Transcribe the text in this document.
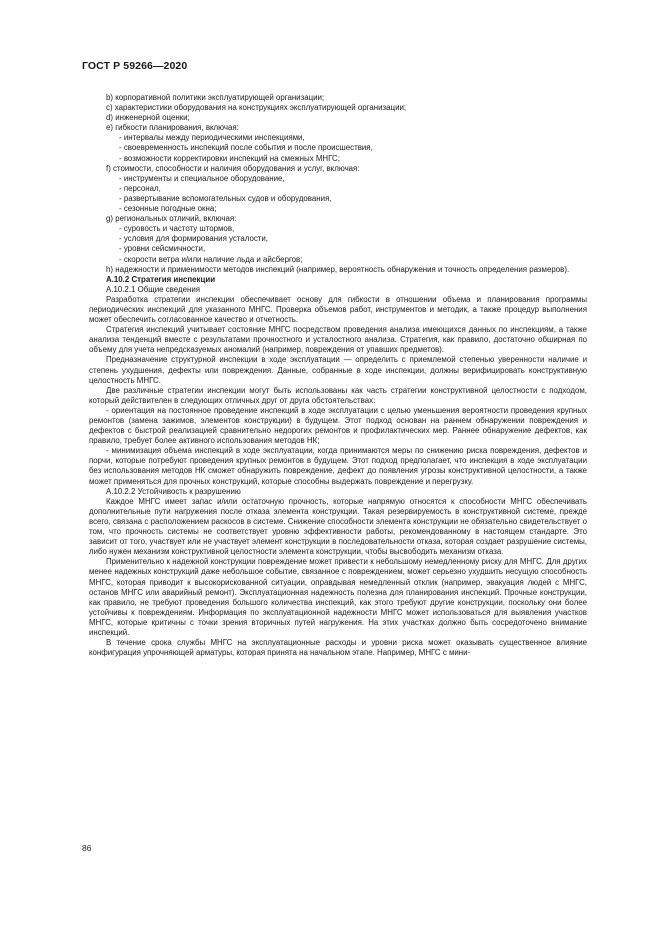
ГОСТ Р 59266—2020

b) корпоративной политики эксплуатирующей организации;

c) характеристики оборудования на конструкциях эксплуатирующей организации;

d) инженерной оценки;

e) гибкости планирования, включая:

- интервалы между периодическими инспекциями,

- своевременность инспекций после события и после происшествия,

- возможности корректировки инспекций на смежных МНГС;

f) стоимости, способности и наличия оборудования и услуг, включая:

- инструменты и специальное оборудование,

- персонал,

- развертывание вспомогательных судов и оборудования,

- сезонные погодные окна;

g) региональных отличий, включая:

- суровость и частоту штормов,

- условия для формирования усталости,

- уровни сейсмичности,

- скорости ветра и/или наличие льда и айсбергов;

h) надежности и применимости методов инспекций (например, вероятность обнаружения и точность определения размеров).

А.10.2 Стратегия инспекции

А.10.2.1 Общие сведения

Разработка стратегии инспекции обеспечивает основу для гибкости в отношении объема и планирования программы периодических инспекций для указанного МНГС. Проверка объемов работ, инструментов и методик, а также процедур выполнения может обеспечить согласованное качество и отчетность.

Стратегия инспекций учитывает состояние МНГС посредством проведения анализа имеющихся данных по инспекциям, а также анализа тенденций вместе с результатами прочностного и усталостного анализа. Стратегия, как правило, достаточно обширная по объему для учета непредсказуемых аномалий (например, повреждения от упавших предметов).

Предназначение структурной инспекции в ходе эксплуатации — определить с приемлемой степенью уверенности наличие и степень ухудшения, дефекты или повреждения. Данные, собранные в ходе инспекции, должны верифицировать конструктивную целостность МНГС.

Две различные стратегии инспекции могут быть использованы как часть стратегии конструктивной целостности с подходом, который действителен в следующих отличных друг от друга обстоятельствах:

- ориентация на постоянное проведение инспекций в ходе эксплуатации с целью уменьшения вероятности проведения крупных ремонтов (замена зажимов, элементов конструкции) в будущем. Этот подход основан на раннем обнаружении повреждения и дефектов с быстрой реализацией сравнительно недорогих ремонтов и профилактических мер. Раннее обнаружение дефектов, как правило, требует более активного использования методов НК;

- минимизация объема инспекций в ходе эксплуатации, когда принимаются меры по снижению риска повреждения, дефектов и порчи, которые потребуют проведения крупных ремонтов в будущем. Этот подход предполагает, что инспекция в ходе эксплуатации без использования методов НК сможет обнаружить повреждение, дефект до появления угрозы конструктивной целостности, а также может применяться для прочных конструкций, которые способны выдержать повреждение и перегрузку.

А.10.2.2 Устойчивость к разрушению

Каждое МНГС имеет запас и/или остаточную прочность, которые напрямую относятся к способности МНГС обеспечивать дополнительные пути нагружения после отказа элемента конструкции. Такая резервируемость в конструктивной системе, прежде всего, связана с расположением раскосов в системе. Снижение способности элемента конструкции не обязательно свидетельствует о том, что прочность системы не соответствует уровню эффективности работы, рекомендованному в настоящем стандарте. Это зависит от того, участвует или не участвует элемент конструкции в последовательности отказа, которая создает разрушение системы, либо нужен механизм конструктивной целостности элемента конструкции, чтобы высвободить механизм отказа.

Применительно к надежной конструкции повреждение может привести к небольшому немедленному риску для МНГС. Для других менее надежных конструкций даже небольшое событие, связанное с повреждением, может серьезно ухудшить несущую способность МНГС, которая приводит к высокорискованной ситуации, оправдывая немедленный отклик (например, эвакуация людей с МНГС, останов МНГС или аварийный ремонт). Эксплуатационная надежность полезна для планирования инспекций. Прочные конструкции, как правило, не требуют проведения большого количества инспекций, как этого требуют другие конструкции, поскольку они более устойчивы к повреждениям. Информация по эксплуатационной надежности МНГС может использоваться для выявления участков МНГС, которые критичны с точки зрения вторичных путей нагружения. На этих участках должно быть сосредоточено внимание инспекций.

В течение срока службы МНГС на эксплуатационные расходы и уровни риска может оказывать существенное влияние конфигурация упрочняющей арматуры, которая принята на начальном этапе. Например, МНГС с мини-

86
